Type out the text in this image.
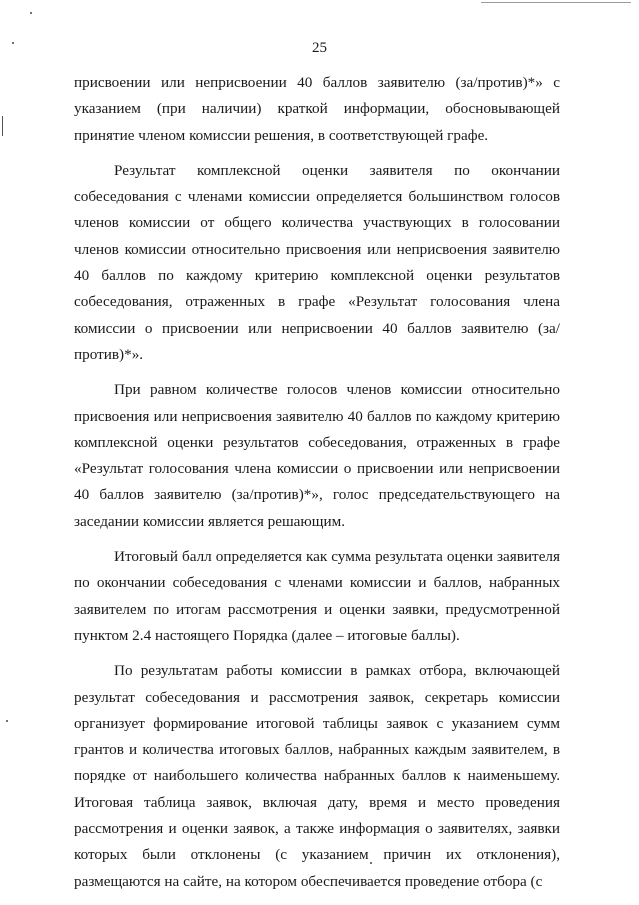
25

присвоении или неприсвоении 40 баллов заявителю (за/против)*» с указанием (при наличии) краткой информации, обосновывающей принятие членом комиссии решения, в соответствующей графе.

Результат комплексной оценки заявителя по окончании собеседования с членами комиссии определяется большинством голосов членов комиссии от общего количества участвующих в голосовании членов комиссии относительно присвоения или неприсвоения заявителю 40 баллов по каждому критерию комплексной оценки результатов собеседования, отраженных в графе «Результат голосования члена комиссии о присвоении или неприсвоении 40 баллов заявителю (за/против)*».

При равном количестве голосов членов комиссии относительно присвоения или неприсвоения заявителю 40 баллов по каждому критерию комплексной оценки результатов собеседования, отраженных в графе «Результат голосования члена комиссии о присвоении или неприсвоении 40 баллов заявителю (за/против)*», голос председательствующего на заседании комиссии является решающим.

Итоговый балл определяется как сумма результата оценки заявителя по окончании собеседования с членами комиссии и баллов, набранных заявителем по итогам рассмотрения и оценки заявки, предусмотренной пунктом 2.4 настоящего Порядка (далее – итоговые баллы).

По результатам работы комиссии в рамках отбора, включающей результат собеседования и рассмотрения заявок, секретарь комиссии организует формирование итоговой таблицы заявок с указанием сумм грантов и количества итоговых баллов, набранных каждым заявителем, в порядке от наибольшего количества набранных баллов к наименьшему. Итоговая таблица заявок, включая дату, время и место проведения рассмотрения и оценки заявок, а также информация о заявителях, заявки которых были отклонены (с указанием причин их отклонения), размещаются на сайте, на котором обеспечивается проведение отбора (с
